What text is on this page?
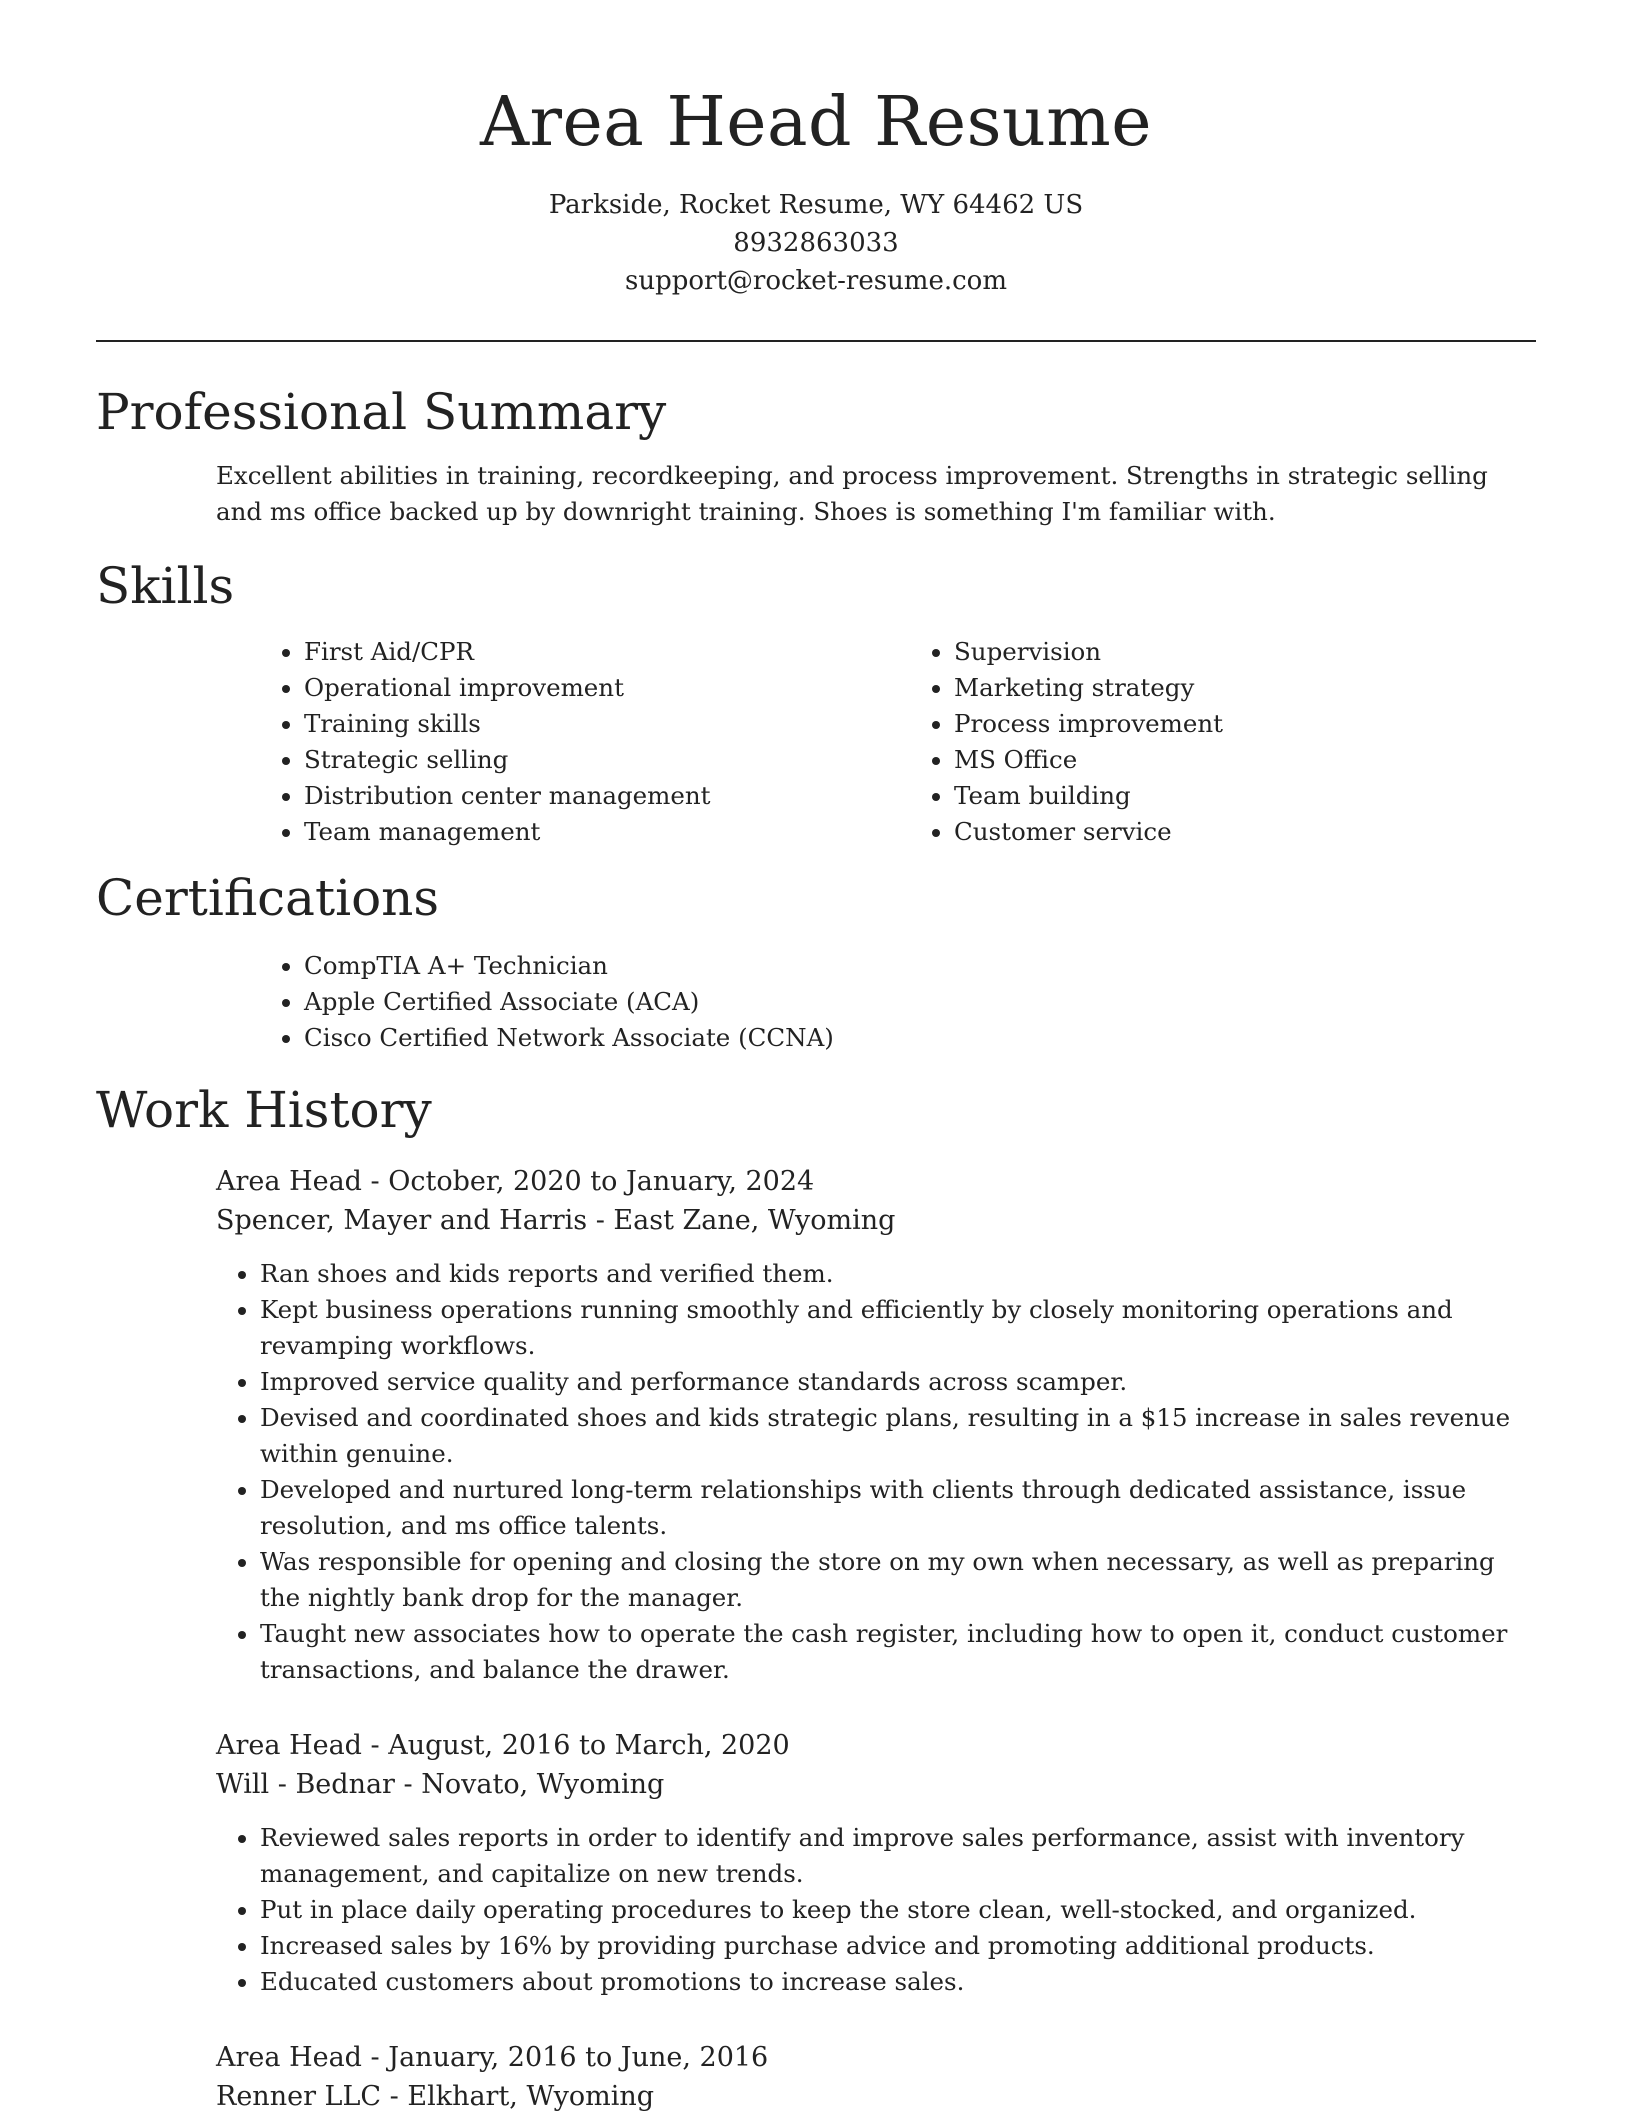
Area Head Resume
Parkside, Rocket Resume, WY 64462 US
8932863033
support@rocket-resume.com
Professional Summary

Excellent abilities in training, recordkeeping, and process improvement. Strengths in strategic selling and ms office backed up by downright training. Shoes is something I'm familiar with.

Skills
• First Aid/CPR
• Operational improvement
• Training skills
• Strategic selling
• Distribution center management
• Team management
• Supervision
• Marketing strategy
• Process improvement
• MS Office
• Team building
• Customer service
Certifications
• CompTIA A+ Technician
• Apple Certified Associate (ACA)
• Cisco Certified Network Associate (CCNA)
Work History
Area Head - October, 2020 to January, 2024
Spencer, Mayer and Harris - East Zane, Wyoming
• Ran shoes and kids reports and verified them.
• Kept business operations running smoothly and efficiently by closely monitoring operations and revamping workflows.
• Improved service quality and performance standards across scamper.
• Devised and coordinated shoes and kids strategic plans, resulting in a $15 increase in sales revenue within genuine.
• Developed and nurtured long-term relationships with clients through dedicated assistance, issue resolution, and ms office talents.
• Was responsible for opening and closing the store on my own when necessary, as well as preparing the nightly bank drop for the manager.
• Taught new associates how to operate the cash register, including how to open it, conduct customer transactions, and balance the drawer.
Area Head - August, 2016 to March, 2020
Will - Bednar - Novato, Wyoming
• Reviewed sales reports in order to identify and improve sales performance, assist with inventory management, and capitalize on new trends.
• Put in place daily operating procedures to keep the store clean, well-stocked, and organized.
• Increased sales by 16% by providing purchase advice and promoting additional products.
• Educated customers about promotions to increase sales.
Area Head - January, 2016 to June, 2016
Renner LLC - Elkhart, Wyoming
